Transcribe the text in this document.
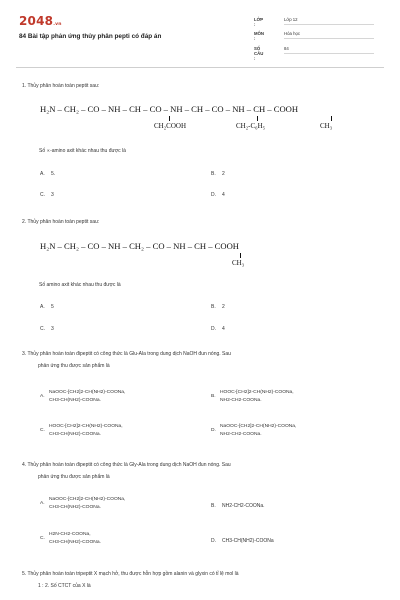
2048.vn
84 Bài tập phản ứng thủy phân pepti có đáp án
LỚP :
Lớp 12
MÔN :
Hóa học
SỐ CÂU :
84
1. Thủy phân hoàn toàn peptit sau:
H₂N – CH₂ – CO – NH – CH – CO – NH – CH – CO – NH – CH – COOH
CH₂COOH	CH₂-C₆H₅	CH₃
Số ∝-amino axit khác nhau thu được là
A. 5.	B. 2
C. 3	D. 4
2. Thủy phân hoàn toàn peptit sau:
H₂N – CH₂ – CO – NH – CH₂ – CO – NH – CH – COOH
CH₃
Số amino axit khác nhau thu được là
A. 5	B. 2
C. 3	D. 4
3. Thủy phân hoàn toàn đipeptit có công thức là Glu-Ala trong dung dịch NaOH đun nóng. Sau
phản ứng thu được sản phẩm là
A.
NaOOC-[CH2]2-CH(NH2)-COONa,
CH3-CH(NH2)-COONa.
B.
HOOC-[CH2]2-CH(NH2)-COONa,
NH2-CH2-COONa.
C.
HOOC-[CH2]2-CH(NH2)-COONa,
CH3-CH(NH2)-COONa.
D.
NaOOC-[CH2]2-CH(NH2)-COONa,
NH2-CH2-COONa.
4. Thủy phân hoàn toàn đipeptit có công thức là Gly-Ala trong dung dịch NaOH đun nóng. Sau
phản ứng thu được sản phẩm là
A.
NaOOC-[CH2]2-CH(NH2)-COONa,
CH3-CH(NH2)-COONa.	B. NH2-CH2-COONa.
C.
H2N-CH2-COONa,
CH3-CH(NH2)-COONa.	D. CH3-CH(NH2)-COONa
5. Thủy phân hoàn toàn tripeptit X mạch hở, thu được hỗn hợp gồm alanin và glyxin có tỉ lệ mol là
1 : 2. Số CTCT của X là
